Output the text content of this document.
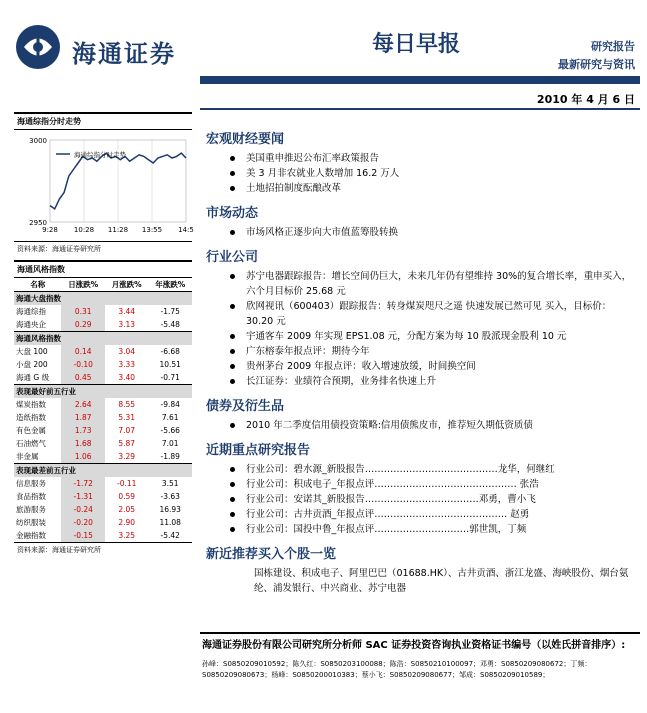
海通证券	每日早报	研究报告
最新研究与资讯
2010 年 4 月 6 日
海通综指分时走势
3000
2950
9:28 10:28 11:28 13:55 14:5
海通综指分时走势
资料来源：海通证券研究所
海通风格指数
名称	日涨跌%	月涨跌%	年涨跌%
海通大盘指数			
海通综指	0.31	3.44	-1.75
海通央企	0.29	3.13	-5.48
海通风格指数			
大盘 100	0.14	3.04	-6.68
小盘 200	-0.10	3.33	10.51
海通 G 级	0.45	3.40	-0.71
表现最好前五行业			
煤炭指数	2.64	8.55	-9.84
造纸指数	1.87	5.31	7.61
有色金属	1.73	7.07	-5.66
石油燃气	1.68	5.87	7.01
非金属	1.06	3.29	-1.89
表现最差前五行业			
信息服务	-1.72	-0.11	3.51
食品指数	-1.31	0.59	-3.63
旅游服务	-0.24	2.05	16.93
纺织服装	-0.20	2.90	11.08
金融指数	-0.15	3.25	-5.42
资料来源：海通证券研究所
宏观财经要闻
美国重申推迟公布汇率政策报告
美 3 月非农就业人数增加 16.2 万人
土地招拍制度酝酿改革
市场动态
市场风格正逐步向大市值蓝筹股转换
行业公司
苏宁电器跟踪报告：增长空间仍巨大，未来几年仍有望维持 30%的复合增长率，重申买入，六个月目标价 25.68 元
欣网视讯（600403）跟踪报告：转身煤炭咫尺之遥 快速发展已然可见 买入，目标价：30.20 元
宇通客车 2009 年实现 EPS1.08 元，分配方案为每 10 股派现金股利 10 元
广东榕泰年报点评：期待今年
贵州茅台 2009 年报点评：收入增速放缓，时间换空间
长江证券：业绩符合预期，业务排名快速上升
债券及衍生品
2010 年二季度信用债投资策略:信用债熊皮市，推荐短久期低资质债
近期重点研究报告
行业公司：碧水源_新股报告……………………………………龙华，何继红
行业公司：积成电子_年报点评……………………………………… 张浩
行业公司：安诺其_新股报告………………………………邓勇，曹小飞
行业公司：古井贡酒_年报点评…………………………………… 赵勇
行业公司：国投中鲁_年报点评…………………………郭世凯，丁频
新近推荐买入个股一览
国栋建设、积成电子、阿里巴巴（01688.HK）、古井贡酒、浙江龙盛、海峡股份、烟台氨纶、浦发银行、中兴商业、苏宁电器
海通证券股份有限公司研究所分析师 SAC 证券投资咨询执业资格证书编号（以姓氏拼音排序）:
孙峰：S0850209010592；陈久红：S0850203100088；陈浩：S0850210100097；邓勇：S0850209080672；丁频：S0850209080673；杨峰：S0850200010383；蔡小飞：S0850209080677；邹成：S0850209010589；
